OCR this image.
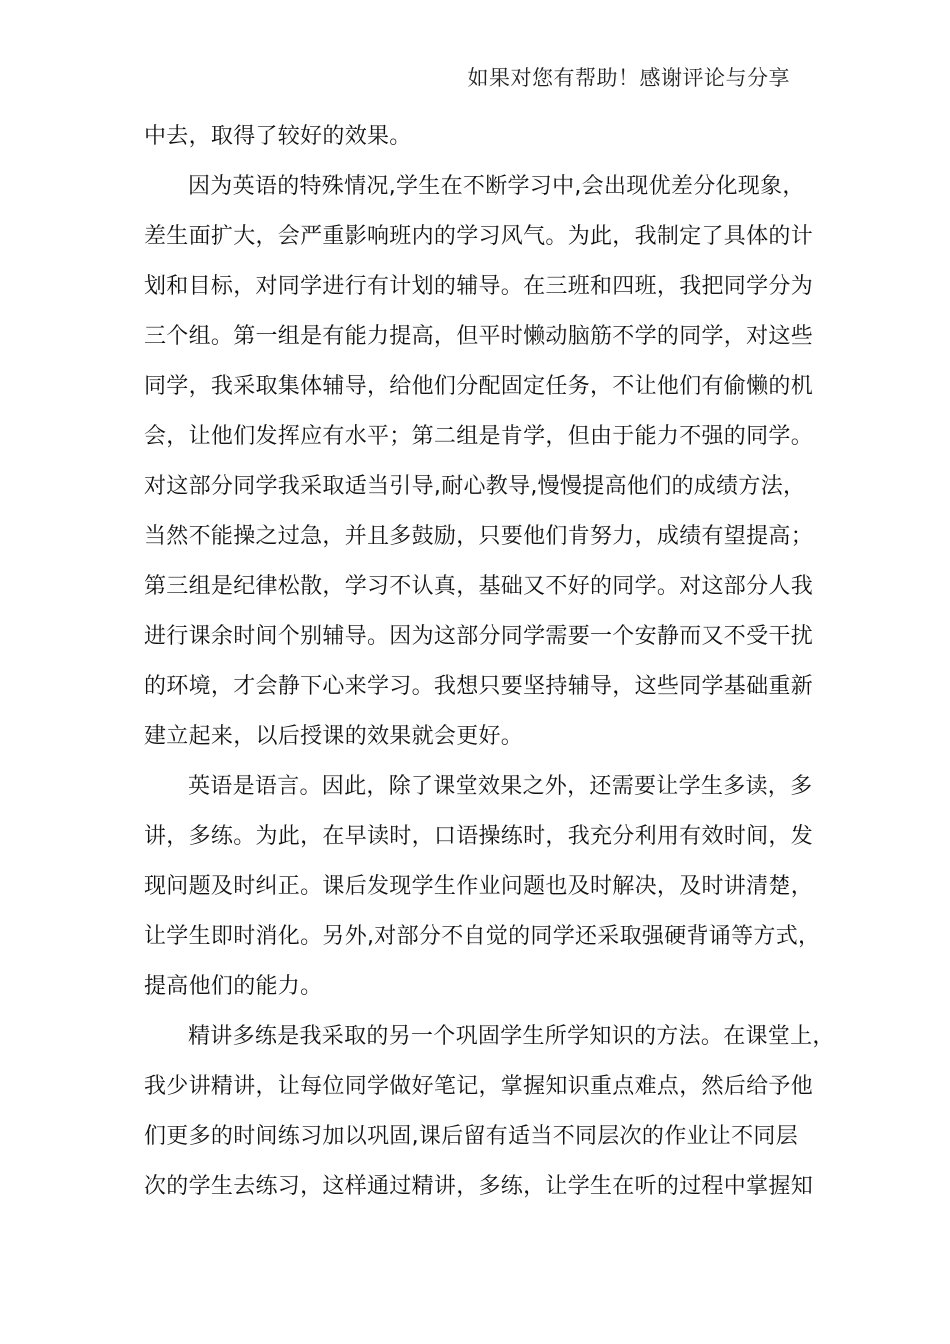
如果对您有帮助！感谢评论与分享
中去，取得了较好的效果。
因为英语的特殊情况,学生在不断学习中,会出现优差分化现象，
差生面扩大，会严重影响班内的学习风气。为此，我制定了具体的计
划和目标，对同学进行有计划的辅导。在三班和四班，我把同学分为
三个组。第一组是有能力提高，但平时懒动脑筋不学的同学，对这些
同学，我采取集体辅导，给他们分配固定任务，不让他们有偷懒的机
会，让他们发挥应有水平；第二组是肯学，但由于能力不强的同学。
对这部分同学我采取适当引导,耐心教导,慢慢提高他们的成绩方法，
当然不能操之过急，并且多鼓励，只要他们肯努力，成绩有望提高；
第三组是纪律松散，学习不认真，基础又不好的同学。对这部分人我
进行课余时间个别辅导。因为这部分同学需要一个安静而又不受干扰
的环境，才会静下心来学习。我想只要坚持辅导，这些同学基础重新
建立起来，以后授课的效果就会更好。
英语是语言。因此，除了课堂效果之外，还需要让学生多读，多
讲，多练。为此，在早读时，口语操练时，我充分利用有效时间，发
现问题及时纠正。课后发现学生作业问题也及时解决，及时讲清楚，
让学生即时消化。另外,对部分不自觉的同学还采取强硬背诵等方式，
提高他们的能力。
精讲多练是我采取的另一个巩固学生所学知识的方法。在课堂上，
我少讲精讲，让每位同学做好笔记，掌握知识重点难点，然后给予他
们更多的时间练习加以巩固,课后留有适当不同层次的作业让不同层
次的学生去练习，这样通过精讲，多练，让学生在听的过程中掌握知
